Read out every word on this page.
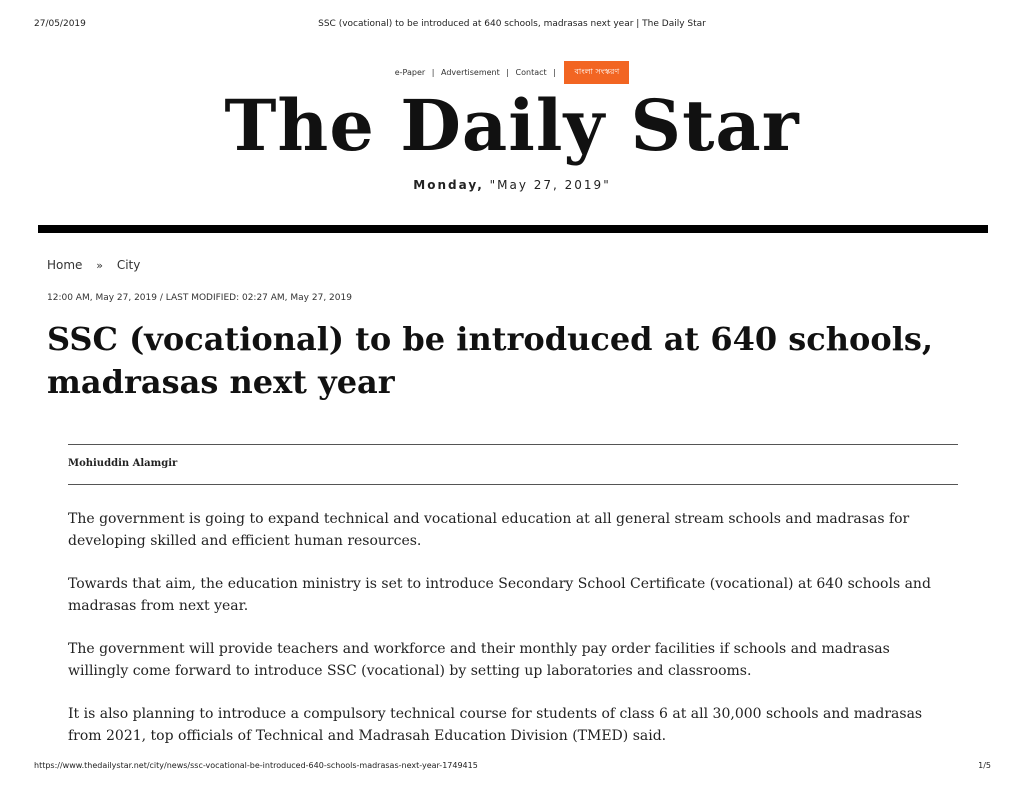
27/05/2019	SSC (vocational) to be introduced at 640 schools, madrasas next year | The Daily Star
e-Paper | Advertisement | Contact | বাংলা সংস্করণ
The Daily Star
Monday, "May 27, 2019"
Home » City
12:00 AM, May 27, 2019 / LAST MODIFIED: 02:27 AM, May 27, 2019
SSC (vocational) to be introduced at 640 schools, madrasas next year
Mohiuddin Alamgir

The government is going to expand technical and vocational education at all general stream schools and madrasas for developing skilled and efficient human resources.

Towards that aim, the education ministry is set to introduce Secondary School Certificate (vocational) at 640 schools and madrasas from next year.

The government will provide teachers and workforce and their monthly pay order facilities if schools and madrasas willingly come forward to introduce SSC (vocational) by setting up laboratories and classrooms.

It is also planning to introduce a compulsory technical course for students of class 6 at all 30,000 schools and madrasas from 2021, top officials of Technical and Madrasah Education Division (TMED) said.

https://www.thedailystar.net/city/news/ssc-vocational-be-introduced-640-schools-madrasas-next-year-1749415	1/5
